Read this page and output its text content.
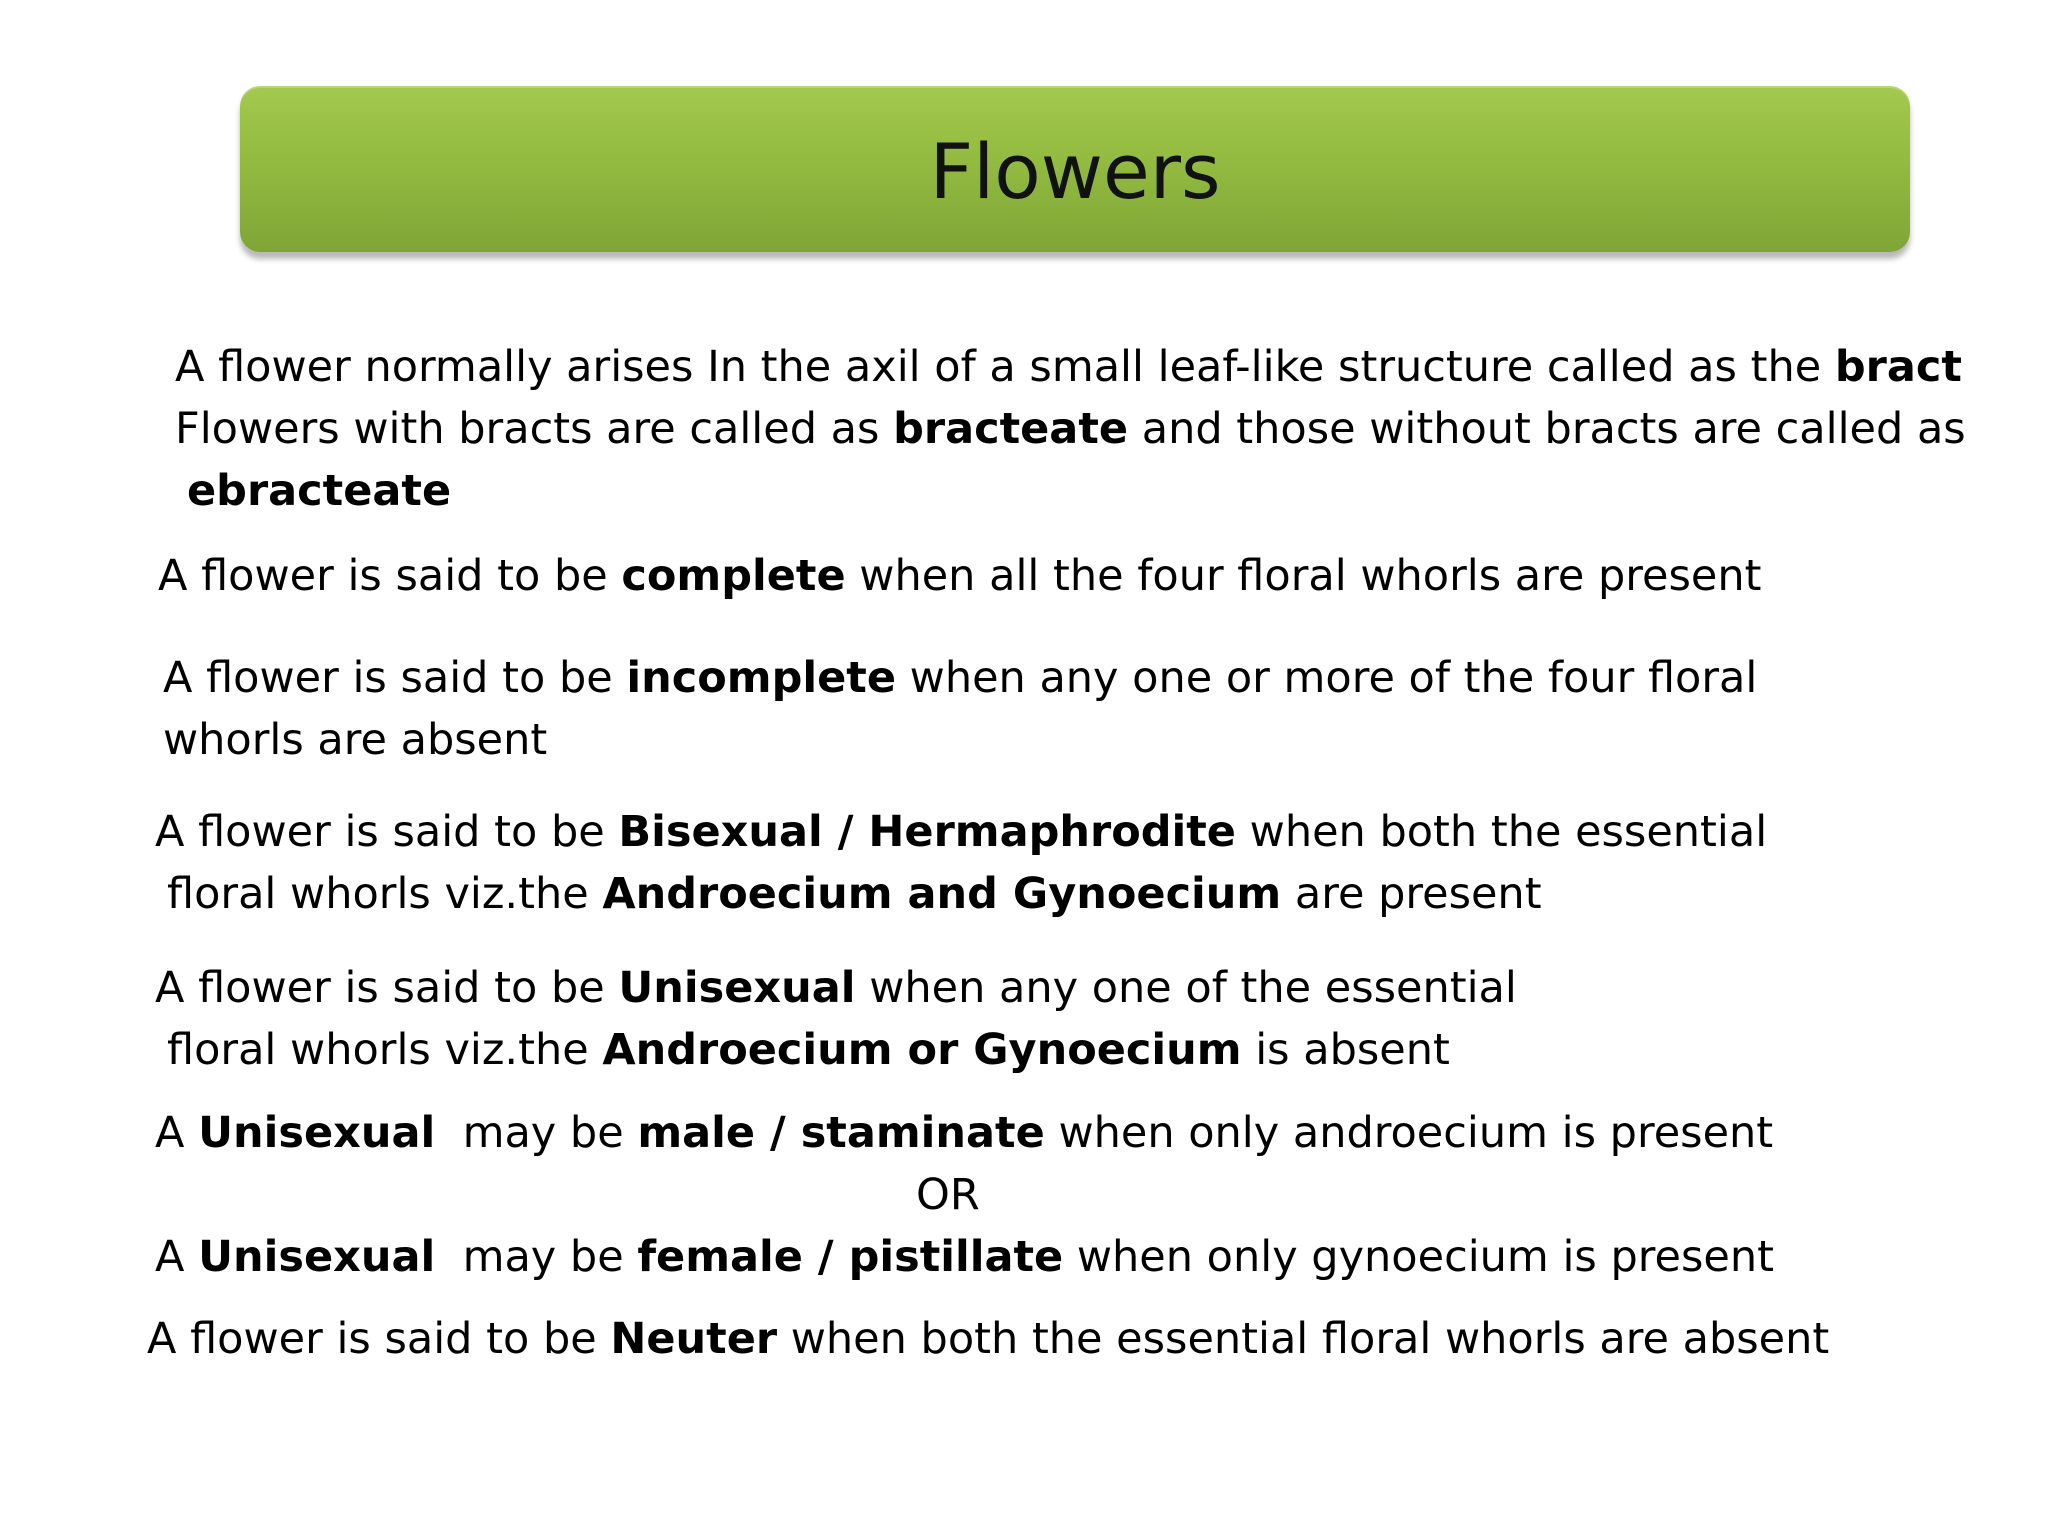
Flowers
A flower normally arises In the axil of a small leaf-like structure called as the bract
Flowers with bracts are called as bracteate and those without bracts are called as
ebracteate
A flower is said to be complete when all the four floral whorls are present
A flower is said to be incomplete when any one or more of the four floral
whorls are absent
A flower is said to be Bisexual / Hermaphrodite when both the essential
floral whorls viz.the Androecium and Gynoecium are present
A flower is said to be Unisexual when any one of the essential
floral whorls viz.the Androecium or Gynoecium is absent
A Unisexual  may be male / staminate when only androecium is present
OR
A Unisexual  may be female / pistillate when only gynoecium is present
A flower is said to be Neuter when both the essential floral whorls are absent
